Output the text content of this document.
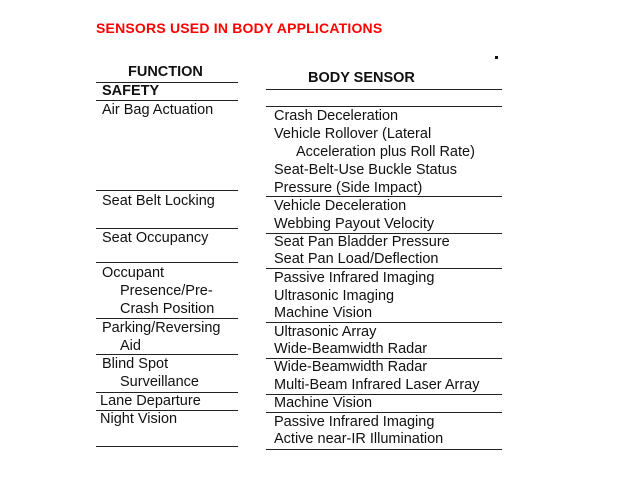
SENSORS USED IN BODY APPLICATIONS
FUNCTION	BODY SENSOR
SAFETY
Air Bag Actuation
Seat Belt Locking
Seat Occupancy
Occupant
Presence/Pre-
Crash Position
Parking/Reversing
Aid
Blind Spot
Surveillance
Lane Departure
Night Vision
Crash Deceleration
Vehicle Rollover (Lateral
Acceleration plus Roll Rate)
Seat-Belt-Use Buckle Status
Pressure (Side Impact)
Vehicle Deceleration
Webbing Payout Velocity
Seat Pan Bladder Pressure
Seat Pan Load/Deflection
Passive Infrared Imaging
Ultrasonic Imaging
Machine Vision
Ultrasonic Array
Wide-Beamwidth Radar
Wide-Beamwidth Radar
Multi-Beam Infrared Laser Array
Machine Vision
Passive Infrared Imaging
Active near-IR Illumination
